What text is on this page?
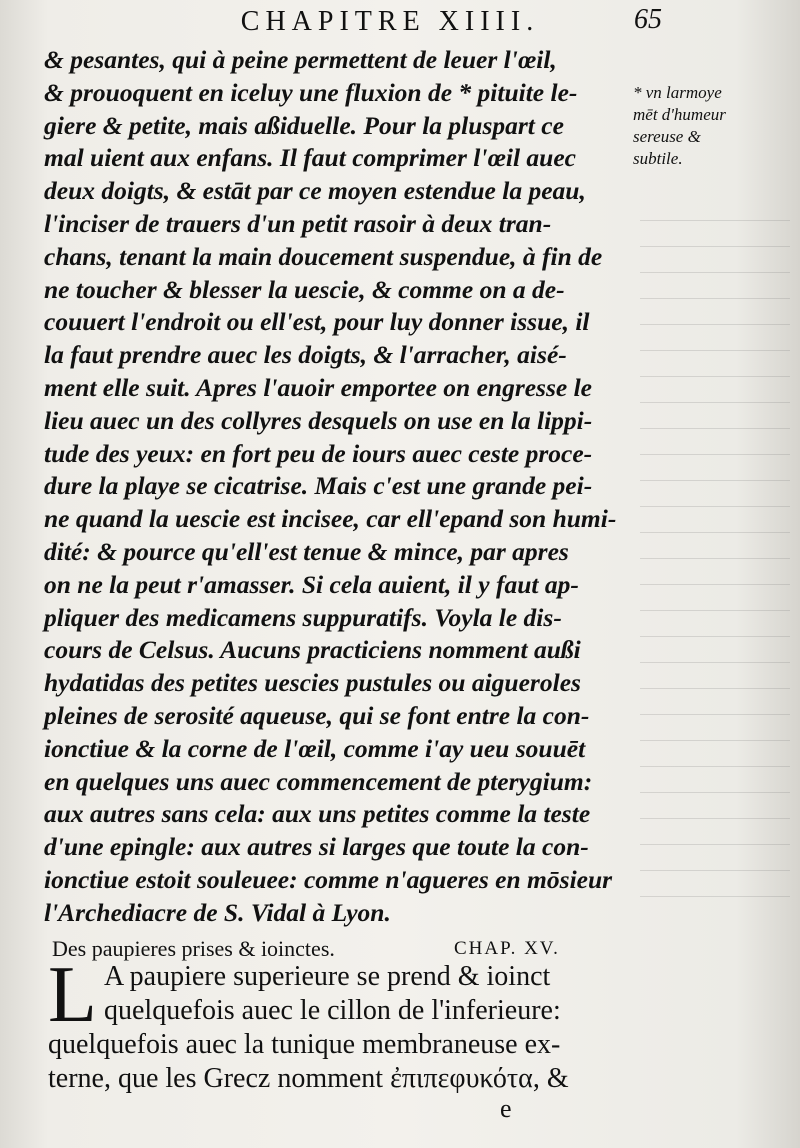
CHAPITRE XIIII.	65
& pesantes, qui à peine permettent de leuer l'œil,
& prouoquent en iceluy une fluxion de * pituite le-
giere & petite, mais aßiduelle. Pour la pluspart ce
mal uient aux enfans. Il faut comprimer l'œil auec
deux doigts, & estāt par ce moyen estendue la peau,
l'inciser de trauers d'un petit rasoir à deux tran-
chans, tenant la main doucement suspendue, à fin de
ne toucher & blesser la uescie, & comme on a de-
couuert l'endroit ou ell'est, pour luy donner issue, il
la faut prendre auec les doigts, & l'arracher, aisé-
ment elle suit. Apres l'auoir emportee on engresse le
lieu auec un des collyres desquels on use en la lippi-
tude des yeux: en fort peu de iours auec ceste proce-
dure la playe se cicatrise. Mais c'est une grande pei-
ne quand la uescie est incisee, car ell'epand son humi-
dité: & pource qu'ell'est tenue & mince, par apres
on ne la peut r'amasser. Si cela auient, il y faut ap-
pliquer des medicamens suppuratifs. Voyla le dis-
cours de Celsus. Aucuns practiciens nomment außi
hydatidas des petites uescies pustules ou aigueroles
pleines de serosité aqueuse, qui se font entre la con-
ionctiue & la corne de l'œil, comme i'ay ueu souuēt
en quelques uns auec commencement de pterygium:
aux autres sans cela: aux uns petites comme la teste
d'une epingle: aux autres si larges que toute la con-
ionctiue estoit souleuee: comme n'agueres en mōsieur
l'Archediacre de S. Vidal à Lyon.
* vn larmoye
mēt d'humeur
sereuse &
subtile.
Des paupieres prises & ioinctes.	CHAP. XV.
L A paupiere superieure se prend & ioinct
quelquefois auec le cillon de l'inferieure:
quelquefois auec la tunique membraneuse ex-
terne, que les Grecz nomment ἐπιπεφυκότα, &
e
